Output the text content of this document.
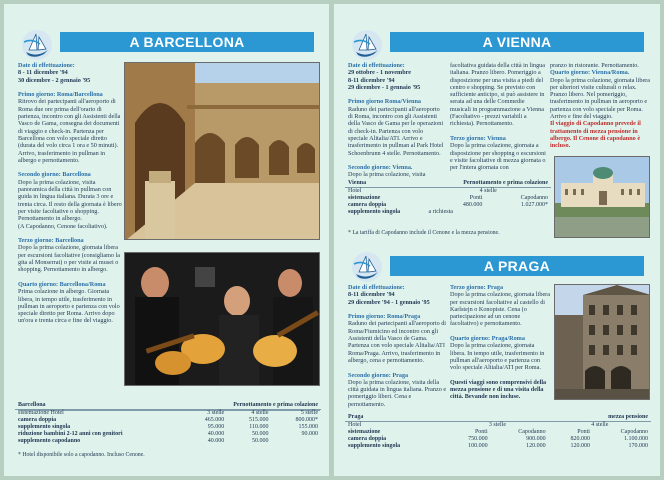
A BARCELLONA
Date di effettuazione:
8 - 11 dicembre '94
30 dicembre - 2 gennaio '95

Primo giorno: Roma/Barcellona
Ritrovo dei partecipanti all'aeroporto di Roma due ore prima dell'orario di partenza, incontro con gli Assistenti della Vasco de Gama, consegna dei documenti di viaggio e check-in. Partenza per Barcellona con volo speciale diretto (durata del volo circa 1 ora e 50 minuti). Arrivo, trasferimento in pullman in albergo e pernottamento.

Secondo giorno: Barcellona
Dopo la prima colazione, visita panoramica della città in pullman con guida in lingua italiana. Durata 3 ore e trenta circa. Il resto della giornata è libero per visite facoltative o shopping. Pernottamento in albergo.
(A Capodanno, Cenone facoltativo).

Terzo giorno: Barcellona
Dopo la prima colazione, giornata libera per escursioni facoltative (consigliamo la gita al Monserrat) o per visite ai musei o shopping. Pernottamento in albergo.

Quarto giorno: Barcellona/Roma
Prima colazione in albergo. Giornata libera, in tempo utile, trasferimento in pullman in aeroporto e partenza con volo speciale diretto per Roma. Arrivo dopo un'ora e trenta circa e fine del viaggio.
Barcellona	Pernottamento e prima colazione		
sistemazione Hotel	3 stelle	4 stelle	5 stelle
camera doppia	465.000	515.000	800.000*
supplemento singola	95.000	110.000	155.000
riduzione bambini 2-12 anni con genitori	40.000	50.000	90.000
supplemento capodanno	40.000	50.000	
* Hotel disponibile solo a capodanno. Incluso Cenone.
A VIENNA
Date di effettuazione:
29 ottobre - 1 novembre
8-11 dicembre '94
29 dicembre - 1 gennaio '95

Primo giorno Roma/Vienna
Raduno dei partecipanti all'aeroporto di Roma, incontro con gli Assistenti della Vasco de Gama per le operazioni di check-in. Partenza con volo speciale Alitalia/ATI. Arrivo e trasferimento in pullman al Park Hotel Schoenbrunn 4 stelle. Pernottamento.

Secondo giorno: Vienna.
Dopo la prima colazione, visita
facoltativa guidata della città in lingua italiana. Pranzo libero. Pomeriggio a disposizione per una visita a piedi del centro e shopping. Se previsto con sufficiente anticipo, si può assistere in serata ad una delle Commedie musicali in programmazione a Vienna (Facoltativo - prezzi variabili a richiesta). Pernottamento.

Terzo giorno: Vienna
Dopo la prima colazione, giornata a disposizione per shopping o escursioni e visite facoltative di mezza giornata o per l'intera giornata con
pranzo in ristorante. Pernottamento.
Quarto giorno: Vienna/Roma.
Dopo la prima colazione, giornata libera per ulteriori visite culturali o relax. Pranzo libero. Nel pomeriggio, trasferimento in pullman in aeroporto e partenza con volo speciale per Roma. Arrivo e fine del viaggio.

Il viaggio di Capodanno prevede il trattamento di mezza pensione in albergo. Il Cenone di capodanno è incluso.
Vienna	Pernottamento e prima colazione	
Hotel	4 stelle	
sistemazione	Ponti	Capodanno
camera doppia	480.000	1.027.000*
supplemento singola	a richiesta	
* La tariffa di Capodanno include il Cenone e la mezza pensione.
A PRAGA
Date di effettuazione:
8-11 dicembre '94
29 dicembre '94 - 1 gennaio '95

Primo giorno: Roma/Praga
Raduno dei partecipanti all'aeroporto di Roma/Fiumicino ed incontro con gli Assistenti della Vasco de Gama. Partenza con volo speciale Alitalia/ATI Roma/Praga. Arrivo, trasferimento in albergo, cena e pernottamento.

Secondo giorno: Praga
Dopo la prima colazione, visita della città guidata in lingua italiana. Pranzo e pomeriggio liberi. Cena e pernottamento.
Terzo giorno: Praga
Dopo la prima colazione, giornata libera per escursioni facoltative al castello di Karlstejn o Konopiste. Cena (o partecipazione ad un cenone facoltativo) e pernottamento.

Quarto giorno: Praga/Roma
Dopo la prima colazione, giornata libera. In tempo utile, trasferimento in pullman all'aeroporto e partenza con volo speciale Alitalia/ATI per Roma.

Questi viaggi sono comprensivi della mezza pensione e di una visita della città. Bevande non incluse.
Praga	mezza pensione			
Hotel	3 stelle		4 stelle	
sistemazione	Ponti	Capodanno	Ponti	Capodanno
camera doppia	750.000	900.000	820.000	1.100.000
supplemento singola	100.000	120.000	120.000	170.000
